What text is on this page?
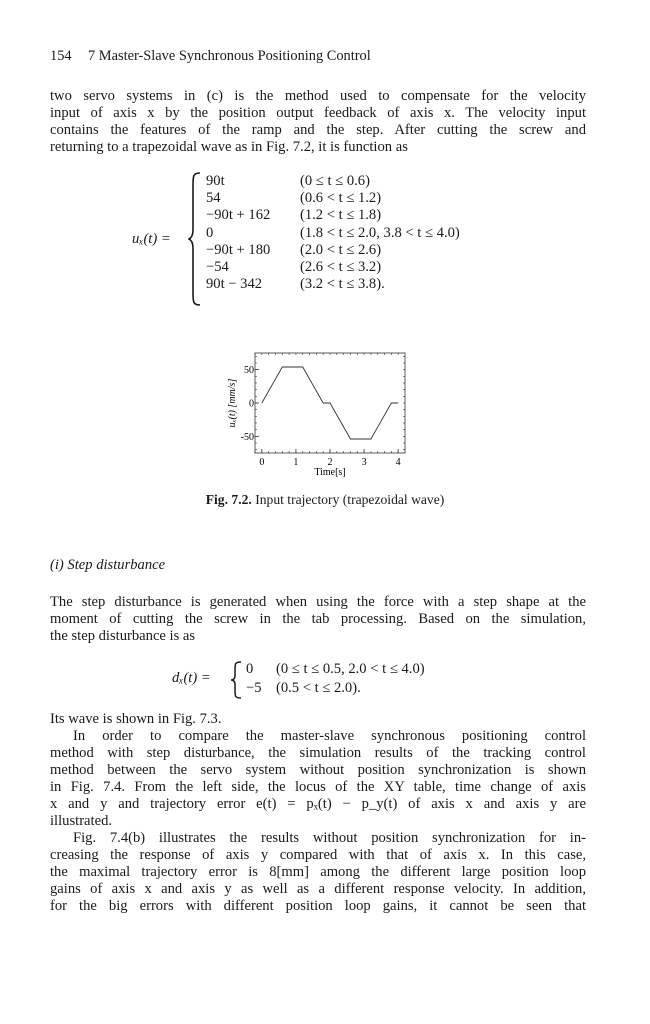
154 7 Master-Slave Synchronous Positioning Control
two servo systems in (c) is the method used to compensate for the velocity
input of axis x by the position output feedback of axis x. The velocity input
contains the features of the ramp and the step. After cutting the screw and
returning to a trapezoidal wave as in Fig. 7.2, it is function as
uₓ(t) =
90t	(0 ≤ t ≤ 0.6)
54	(0.6 < t ≤ 1.2)
−90t + 162 (1.2 < t ≤ 1.8)
0	(1.8 < t ≤ 2.0, 3.8 < t ≤ 4.0)
−90t + 180 (2.0 < t ≤ 2.6)
−54	(2.6 < t ≤ 3.2)
90t − 342	(3.2 < t ≤ 3.8).
0	1	2	3	4
50
0
-50
Time[s]
uₓ(t) [mm/s]
Fig. 7.2. Input trajectory (trapezoidal wave)
(i) Step disturbance
The step disturbance is generated when using the force with a step shape at the
moment of cutting the screw in the tab processing. Based on the simulation,
the step disturbance is as
dₓ(t) =
0 (0 ≤ t ≤ 0.5, 2.0 < t ≤ 4.0)
−5 (0.5 < t ≤ 2.0).
Its wave is shown in Fig. 7.3.
In order to compare the master-slave synchronous positioning control
method with step disturbance, the simulation results of the tracking control
method between the servo system without position synchronization is shown
in Fig. 7.4. From the left side, the locus of the XY table, time change of axis
x and y and trajectory error e(t) = pₓ(t) − p_y(t) of axis x and axis y are
illustrated.
Fig. 7.4(b) illustrates the results without position synchronization for in-
creasing the response of axis y compared with that of axis x. In this case,
the maximal trajectory error is 8[mm] among the different large position loop
gains of axis x and axis y as well as a different response velocity. In addition,
for the big errors with different position loop gains, it cannot be seen that
